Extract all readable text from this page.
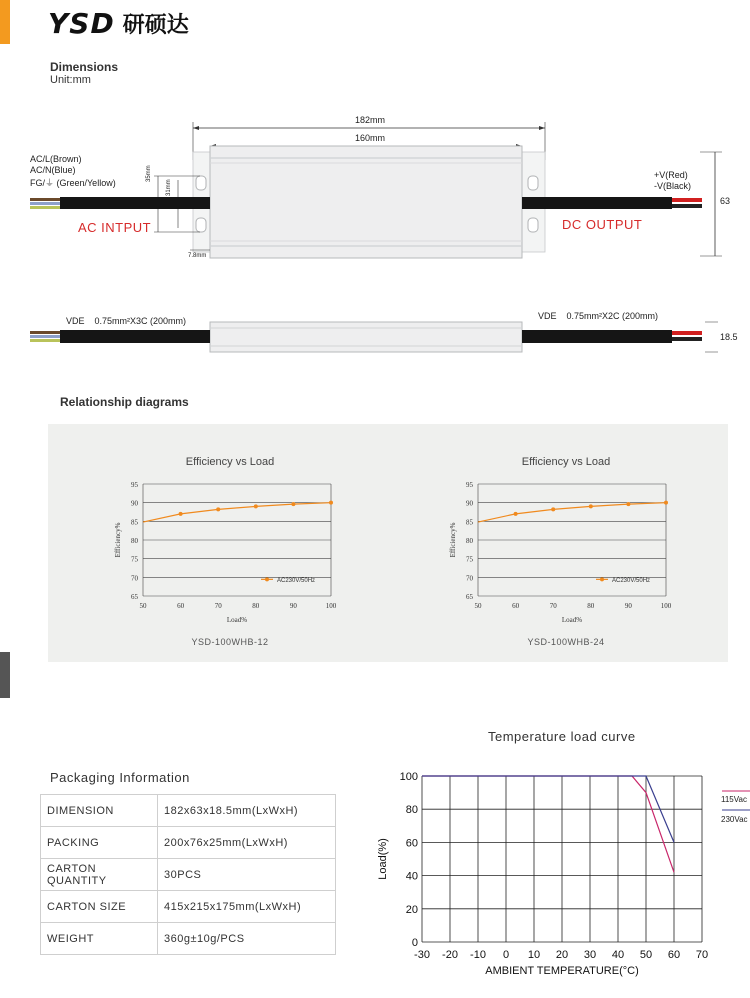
YSD 研硕达
Dimensions
Unit:mm
182mm
160mm
63
35mm
31mm
7.8mm
AC/L(Brown)
AC/N(Blue)
FG/⏚ (Green/Yellow)
+V(Red)
-V(Black)
AC INTPUT	DC OUTPUT
VDE    0.75mm²X3C (200mm)	VDE    0.75mm²X2C (200mm)
18.5
Relationship diagrams
Efficiency vs Load	Efficiency vs Load
65
70
75
80
85
90
95
50	60	70	80	90	100
Load%
Efficiency%
AC230V/50Hz
65
70
75
80
85
90
95
50	60	70	80	90	100
Load%
Efficiency%
AC230V/50Hz
YSD-100WHB-12	YSD-100WHB-24
Packaging Information
DIMENSION	182x63x18.5mm(LxWxH)
PACKING	200x76x25mm(LxWxH)
CARTON QUANTITY	30PCS
CARTON SIZE	415x215x175mm(LxWxH)
WEIGHT	360g±10g/PCS
Temperature load curve
-30 -20 -10 0 10 20 30 40 50 60 70
0
20
40
60
80
100
AMBIENT TEMPERATURE(°C)
Load(%)
115Vac
230Vac
